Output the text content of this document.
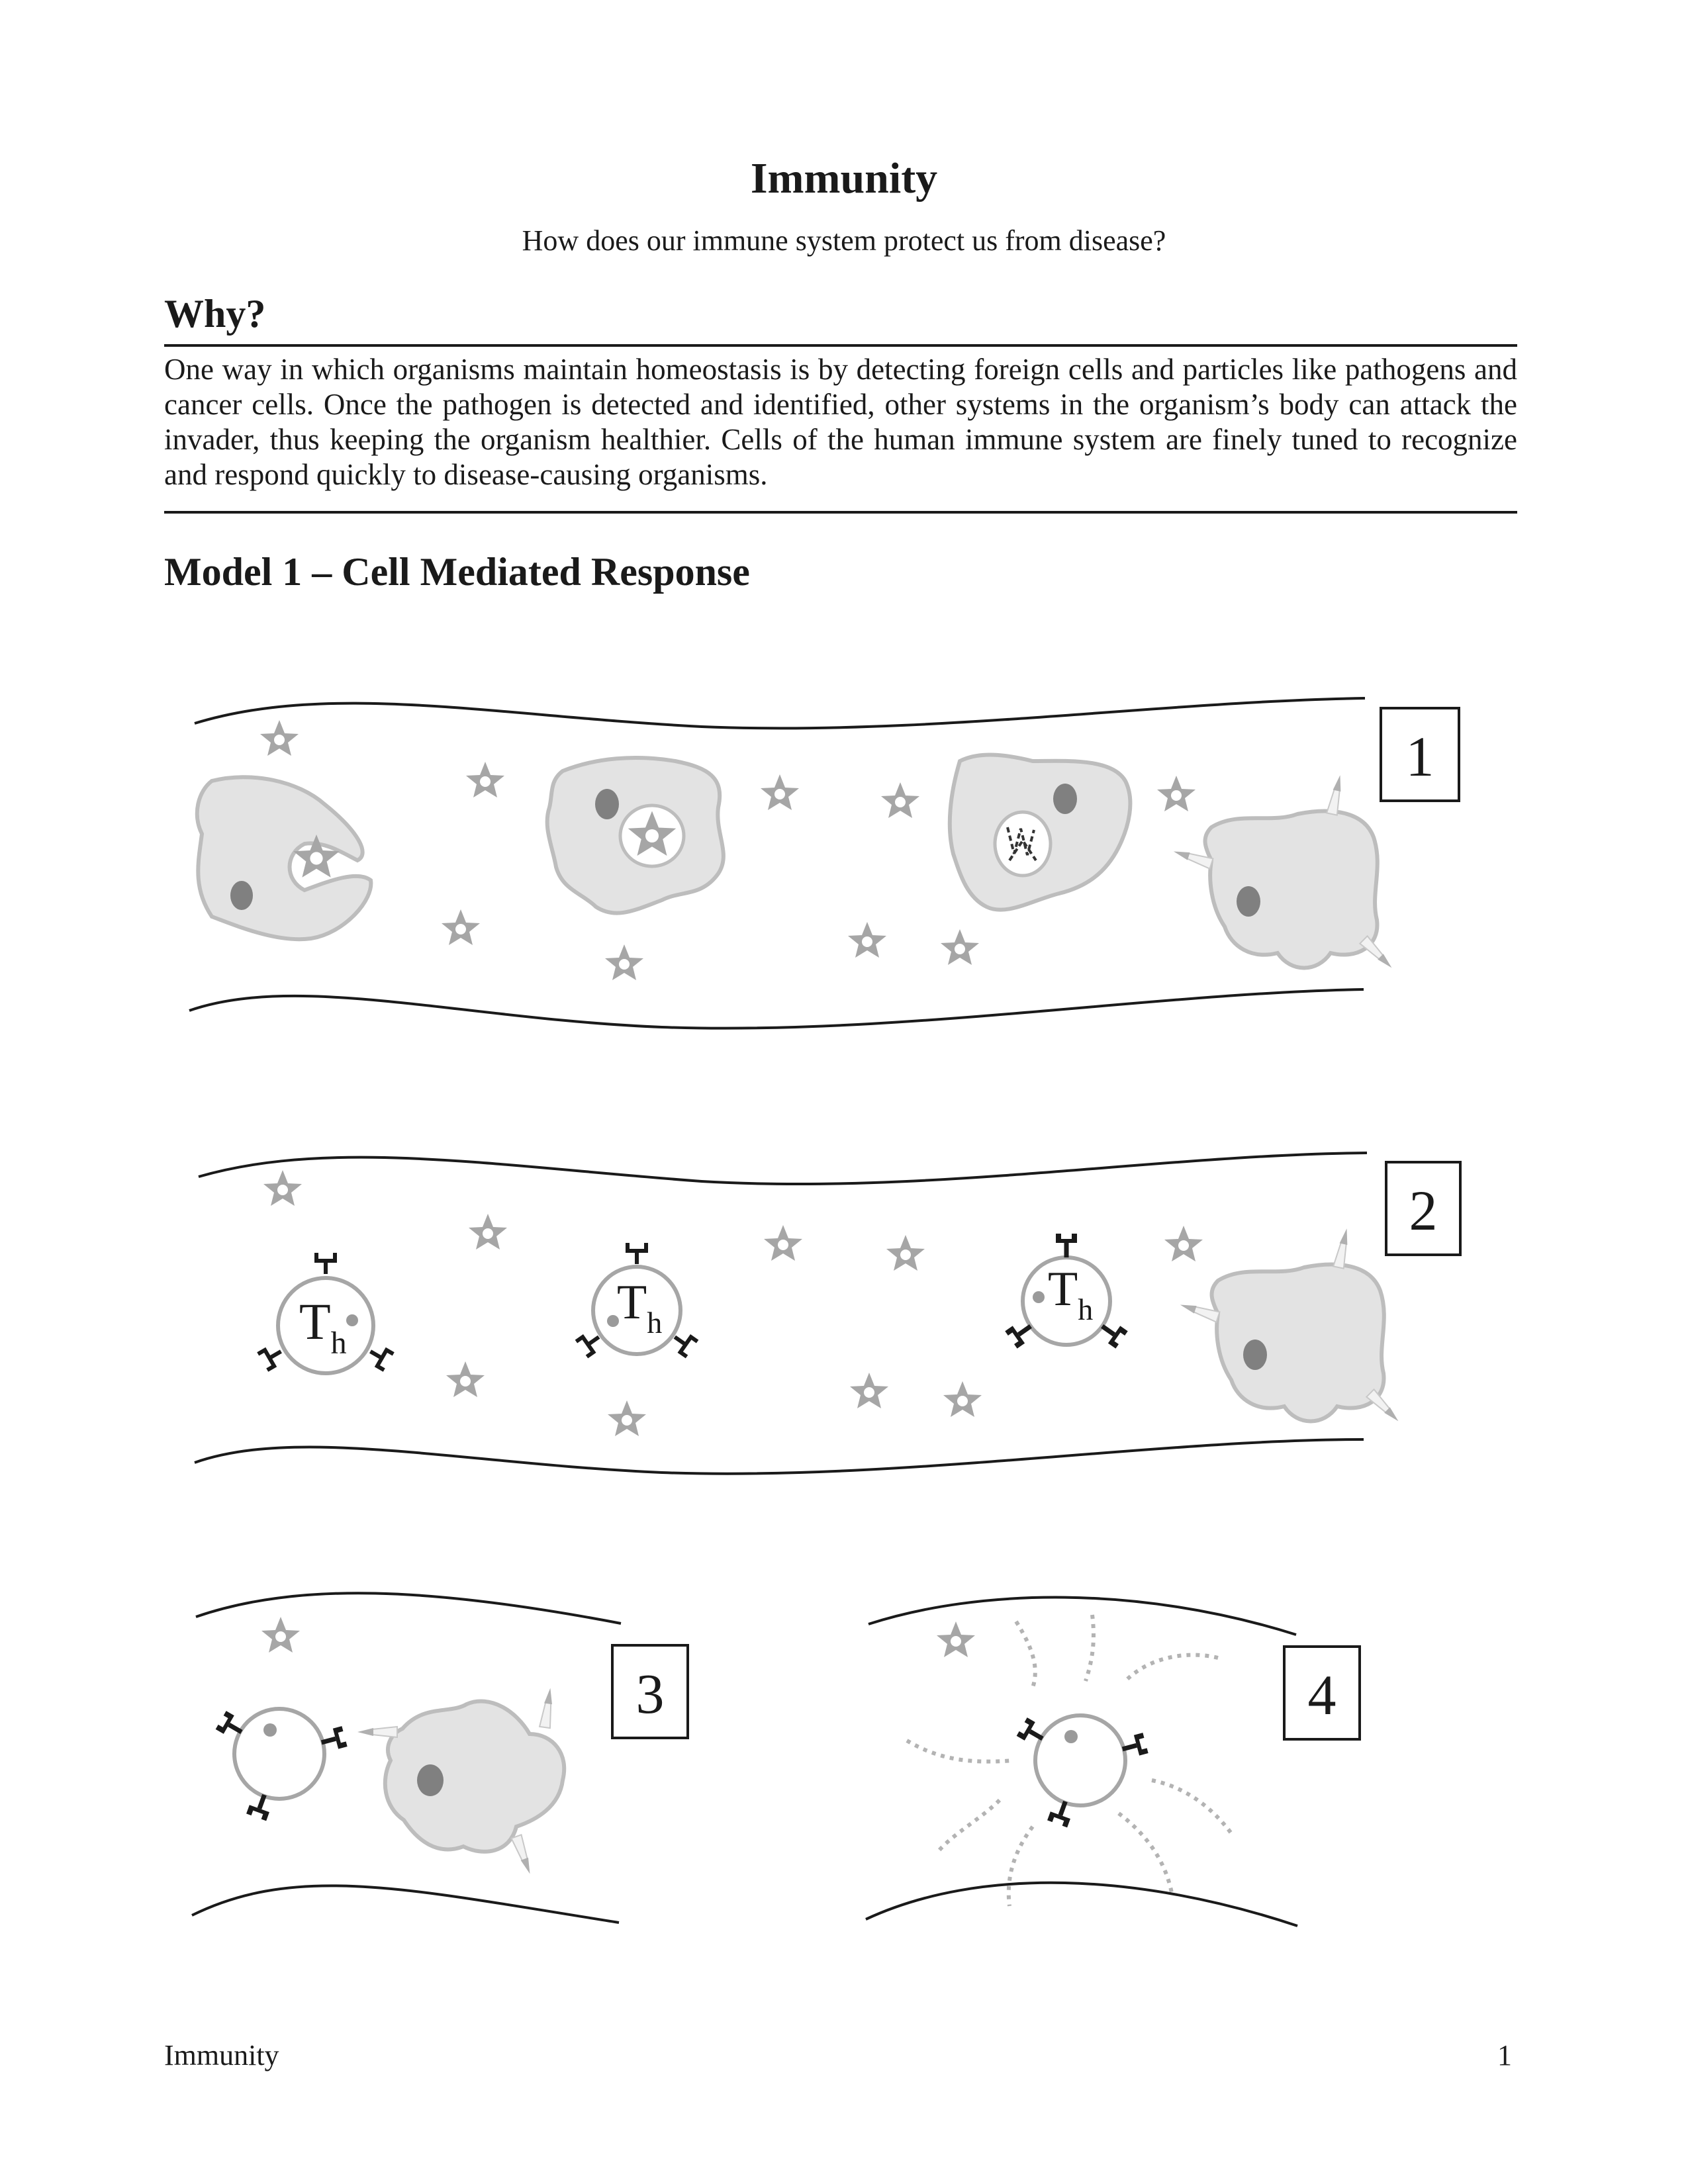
Immunity
How does our immune system protect us from disease?
Why?
One way in which organisms maintain homeostasis is by detecting foreign cells and particles like pathogens and cancer cells. Once the pathogen is detected and identified, other systems in the organism’s body can attack the invader, thus keeping the organism healthier. Cells of the human immune system are finely tuned to recognize and respond quickly to disease-causing organisms.
Model 1 – Cell Mediated Response
1
2
$T_h$
$T_h$
$T_h$
3	4
Immunity	1
